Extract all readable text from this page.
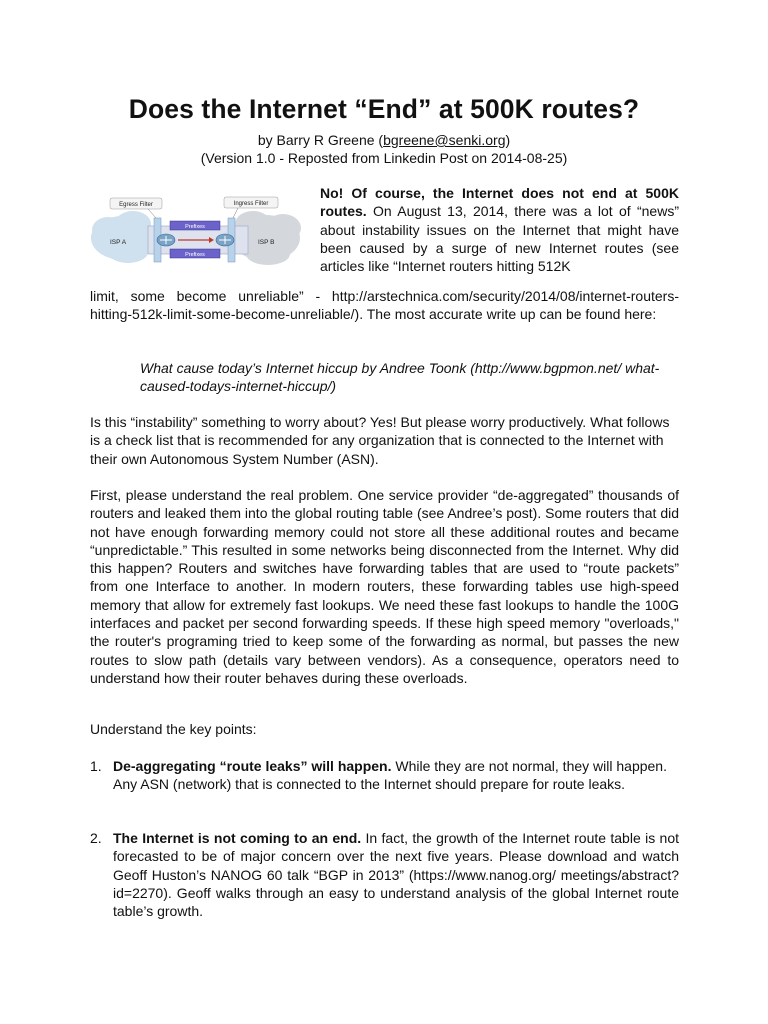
Does the Internet “End” at 500K routes?
by Barry R Greene (bgreene@senki.org)
(Version 1.0 - Reposted from Linkedin Post on 2014-08-25)
Prefixes
Prefixes
Egress Filter	Ingress Filter
ISP A	ISP B

No! Of course, the Internet does not end at 500K routes. On August 13, 2014, there was a lot of “news” about instability issues on the Internet that might have been caused by a surge of new Internet routes (see articles like “Internet routers hitting 512K

limit, some become unreliable” - http://arstechnica.com/security/2014/08/internet-routers-hitting-512k-limit-some-become-unreliable/). The most accurate write up can be found here:

What cause today’s Internet hiccup by Andree Toonk (http://www.bgpmon.net/ what-caused-todays-internet-hiccup/)

Is this “instability” something to worry about? Yes! But please worry productively. What follows is a check list that is recommended for any organization that is connected to the Internet with their own Autonomous System Number (ASN).

First, please understand the real problem. One service provider “de-aggregated” thousands of routers and leaked them into the global routing table (see Andree’s post). Some routers that did not have enough forwarding memory could not store all these additional routes and became “unpredictable.” This resulted in some networks being disconnected from the Internet. Why did this happen? Routers and switches have forwarding tables that are used to “route packets” from one Interface to another. In modern routers, these forwarding tables use high-speed memory that allow for extremely fast lookups. We need these fast lookups to handle the 100G interfaces and packet per second forwarding speeds. If these high speed memory "overloads," the router's programing tried to keep some of the forwarding as normal, but passes the new routes to slow path (details vary between vendors). As a consequence, operators need to understand how their router behaves during these overloads.

Understand the key points:

1. De-aggregating “route leaks” will happen. While they are not normal, they will happen. Any ASN (network) that is connected to the Internet should prepare for route leaks.
2. The Internet is not coming to an end. In fact, the growth of the Internet route table is not forecasted to be of major concern over the next five years. Please download and watch Geoff Huston’s NANOG 60 talk “BGP in 2013” (https://www.nanog.org/ meetings/abstract?id=2270). Geoff walks through an easy to understand analysis of the global Internet route table’s growth.
